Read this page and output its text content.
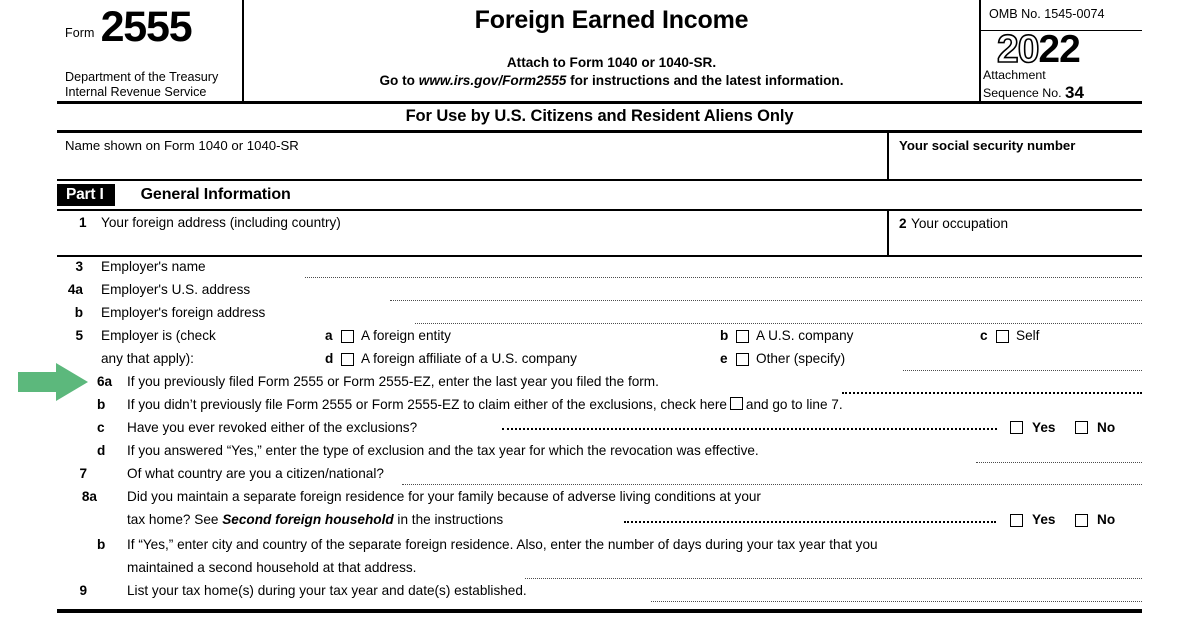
Form 2555
Department of the Treasury
Internal Revenue Service
Foreign Earned Income
Attach to Form 1040 or 1040-SR.
Go to www.irs.gov/Form2555 for instructions and the latest information.
OMB No. 1545-0074
2022
Attachment
Sequence No. 34
For Use by U.S. Citizens and Resident Aliens Only
Name shown on Form 1040 or 1040-SR	Your social security number
Part I	General Information
1 Your foreign address (including country)	2 Your occupation
3 Employer's name
4a Employer's U.S. address
b Employer's foreign address
5 Employer is (check	a A foreign entity	b A U.S. company	c Self
any that apply):	d A foreign affiliate of a U.S. company	e Other (specify)
6a	If you previously filed Form 2555 or Form 2555-EZ, enter the last year you filed the form.
b	If you didn’t previously file Form 2555 or Form 2555-EZ to claim either of the exclusions, check here and go to line 7.
c	Have you ever revoked either of the exclusions?	Yes	No
d	If you answered “Yes,” enter the type of exclusion and the tax year for which the revocation was effective.
7	Of what country are you a citizen/national?
8a Did you maintain a separate foreign residence for your family because of adverse living conditions at your
tax home? See Second foreign household in the instructions	Yes	No
b	If “Yes,” enter city and country of the separate foreign residence. Also, enter the number of days during your tax year that you
maintained a second household at that address.
9	List your tax home(s) during your tax year and date(s) established.
